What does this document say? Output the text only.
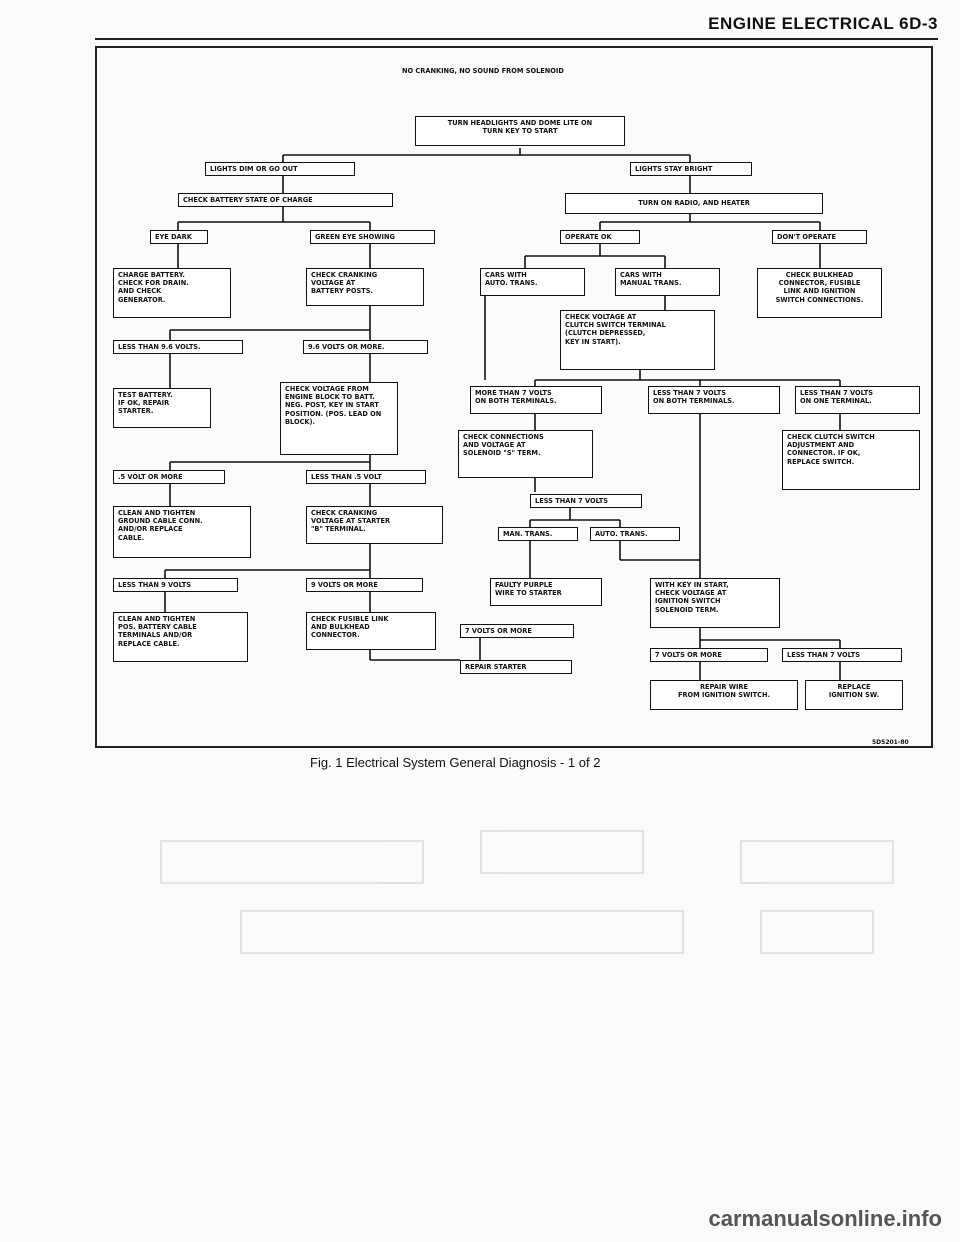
ENGINE ELECTRICAL 6D-3
NO CRANKING, NO SOUND FROM SOLENOID
TURN HEADLIGHTS AND DOME LITE ON
TURN KEY TO START
LIGHTS DIM OR GO OUT	LIGHTS STAY BRIGHT
CHECK BATTERY STATE OF CHARGE	TURN ON RADIO, AND HEATER
EYE DARK	GREEN EYE SHOWING	OPERATE OK	DON'T OPERATE
CHARGE BATTERY.
CHECK FOR DRAIN.
AND CHECK
GENERATOR.
CHECK CRANKING
VOLTAGE AT
BATTERY POSTS.
CARS WITH
AUTO. TRANS.
CARS WITH
MANUAL TRANS.
CHECK BULKHEAD
CONNECTOR, FUSIBLE
LINK AND IGNITION
SWITCH CONNECTIONS.
CHECK VOLTAGE AT
CLUTCH SWITCH TERMINAL
(CLUTCH DEPRESSED,
KEY IN START).
LESS THAN 9.6 VOLTS.	9.6 VOLTS OR MORE.
TEST BATTERY.
IF OK, REPAIR
STARTER.
CHECK VOLTAGE FROM
ENGINE BLOCK TO BATT.
NEG. POST, KEY IN START
POSITION. (POS. LEAD ON
BLOCK).
MORE THAN 7 VOLTS
ON BOTH TERMINALS.
LESS THAN 7 VOLTS
ON BOTH TERMINALS.
LESS THAN 7 VOLTS
ON ONE TERMINAL.
CHECK CONNECTIONS
AND VOLTAGE AT
SOLENOID "S" TERM.
CHECK CLUTCH SWITCH
ADJUSTMENT AND
CONNECTOR. IF OK,
REPLACE SWITCH.
.5 VOLT OR MORE	LESS THAN .5 VOLT
LESS THAN 7 VOLTS
CLEAN AND TIGHTEN
GROUND CABLE CONN.
AND/OR REPLACE
CABLE.
CHECK CRANKING
VOLTAGE AT STARTER
"B" TERMINAL.
MAN. TRANS.	AUTO. TRANS.
LESS THAN 9 VOLTS	9 VOLTS OR MORE	FAULTY PURPLE
WIRE TO STARTER
WITH KEY IN START,
CHECK VOLTAGE AT
IGNITION SWITCH
SOLENOID TERM.
CLEAN AND TIGHTEN
POS. BATTERY CABLE
TERMINALS AND/OR
REPLACE CABLE.
CHECK FUSIBLE LINK
AND BULKHEAD
CONNECTOR.
7 VOLTS OR MORE
7 VOLTS OR MORE	LESS THAN 7 VOLTS
REPAIR STARTER
REPAIR WIRE
FROM IGNITION SWITCH.
REPLACE
IGNITION SW.
5D5201-80
Fig. 1 Electrical System General Diagnosis - 1 of 2
carmanualsonline.info
